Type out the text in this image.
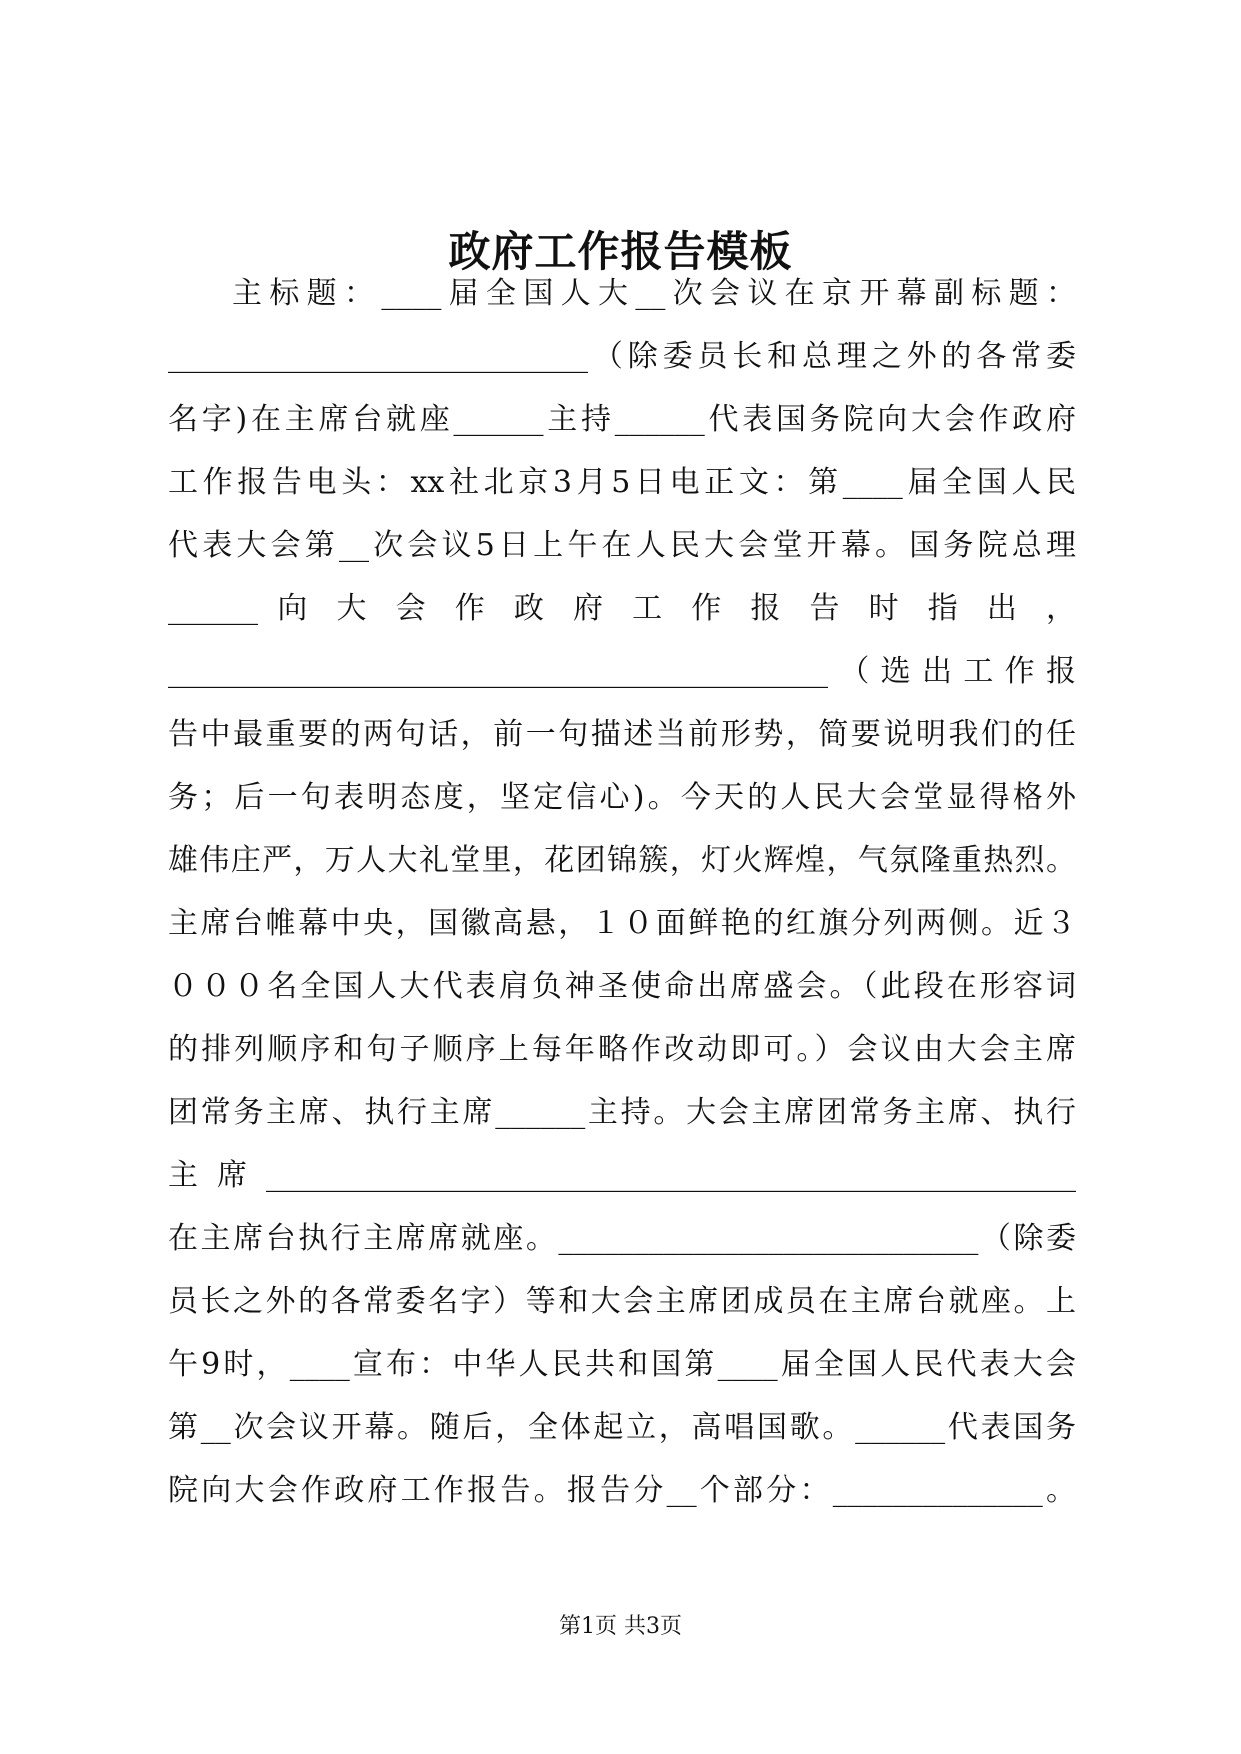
政府工作报告模板
主标题：____届全国人大__次会议在京开幕副标题：
____________________________（除委员长和总理之外的各常委
名字)在主席台就座______主持______代表国务院向大会作政府
工作报告电头：xx社北京3月5日电正文：第____届全国人民
代表大会第__次会议5日上午在人民大会堂开幕。国务院总理
______ 向 大 会 作 政 府 工 作 报 告 时 指 出 ，
____________________________________________（选出工作报
告中最重要的两句话，前一句描述当前形势，简要说明我们的任
务；后一句表明态度，坚定信心)。今天的人民大会堂显得格外
雄伟庄严，万人大礼堂里，花团锦簇，灯火辉煌，气氛隆重热烈。
主席台帷幕中央，国徽高悬，１０面鲜艳的红旗分列两侧。近３
０００名全国人大代表肩负神圣使命出席盛会。（此段在形容词
的排列顺序和句子顺序上每年略作改动即可。）会议由大会主席
团常务主席、执行主席______主持。大会主席团常务主席、执行
主席______________________________________________________
在主席台执行主席席就座。____________________________（除委
员长之外的各常委名字）等和大会主席团成员在主席台就座。上
午9时，____宣布：中华人民共和国第____届全国人民代表大会
第__次会议开幕。随后，全体起立，高唱国歌。______代表国务
院向大会作政府工作报告。报告分__个部分：______________。
第1页 共3页
